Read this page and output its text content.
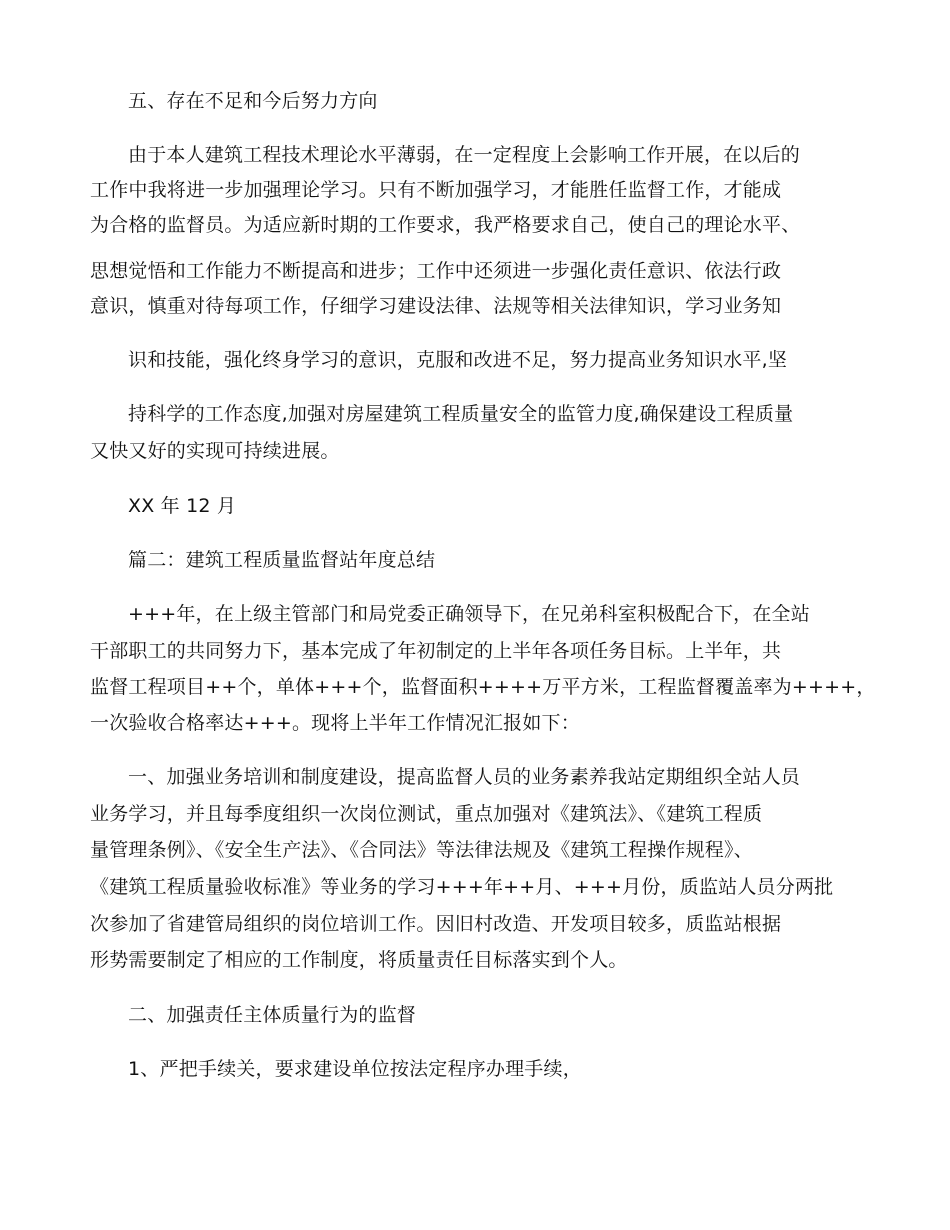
五、存在不足和今后努力方向
由于本人建筑工程技术理论水平薄弱，在一定程度上会影响工作开展，在以后的
工作中我将进一步加强理论学习。只有不断加强学习，才能胜任监督工作，才能成
为合格的监督员。为适应新时期的工作要求，我严格要求自己，使自己的理论水平、
思想觉悟和工作能力不断提高和进步；工作中还须进一步强化责任意识、依法行政
意识，慎重对待每项工作，仔细学习建设法律、法规等相关法律知识，学习业务知
识和技能，强化终身学习的意识，克服和改进不足，努力提高业务知识水平,坚
持科学的工作态度,加强对房屋建筑工程质量安全的监管力度,确保建设工程质量
又快又好的实现可持续进展。
XX 年 12 月
篇二：建筑工程质量监督站年度总结
+++年，在上级主管部门和局党委正确领导下，在兄弟科室积极配合下，在全站
干部职工的共同努力下，基本完成了年初制定的上半年各项任务目标。上半年，共
监督工程项目++个，单体+++个，监督面积++++万平方米，工程监督覆盖率为++++，
一次验收合格率达+++。现将上半年工作情况汇报如下：
一、加强业务培训和制度建设，提高监督人员的业务素养我站定期组织全站人员
业务学习，并且每季度组织一次岗位测试，重点加强对《建筑法》、《建筑工程质
量管理条例》、《安全生产法》、《合同法》等法律法规及《建筑工程操作规程》、
《建筑工程质量验收标准》等业务的学习+++年++月、+++月份，质监站人员分两批
次参加了省建管局组织的岗位培训工作。因旧村改造、开发项目较多，质监站根据
形势需要制定了相应的工作制度，将质量责任目标落实到个人。
二、加强责任主体质量行为的监督
1、严把手续关，要求建设单位按法定程序办理手续，
